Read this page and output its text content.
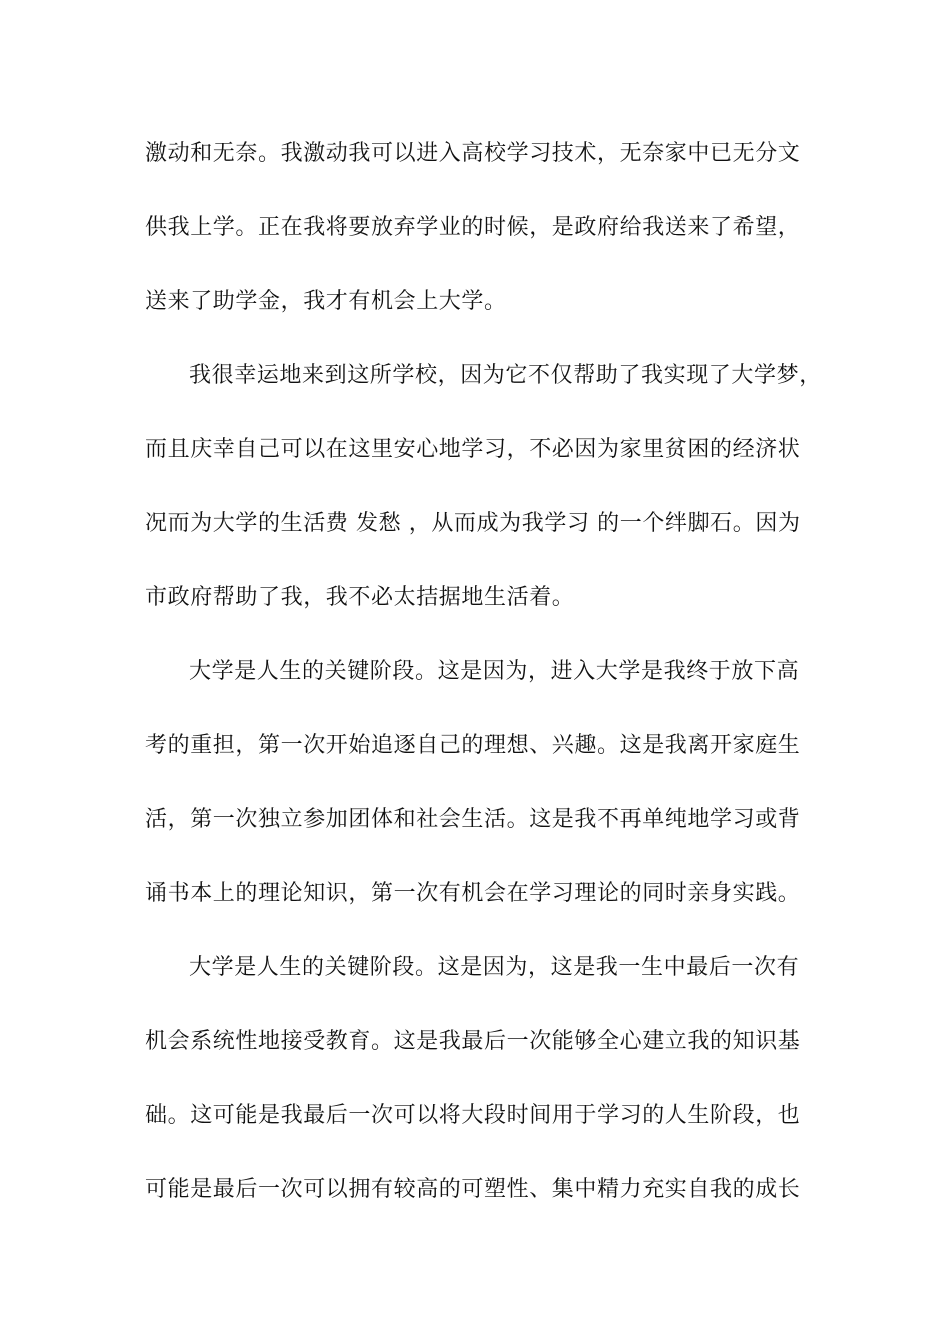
激动和无奈。我激动我可以进入高校学习技术，无奈家中已无分文
供我上学。正在我将要放弃学业的时候，是政府给我送来了希望，
送来了助学金，我才有机会上大学。
我很幸运地来到这所学校，因为它不仅帮助了我实现了大学梦，
而且庆幸自己可以在这里安心地学习，不必因为家里贫困的经济状
况而为大学的生活费 发愁 ，从而成为我学习 的一个绊脚石。因为
市政府帮助了我，我不必太拮据地生活着。
大学是人生的关键阶段。这是因为，进入大学是我终于放下高
考的重担，第一次开始追逐自己的理想、兴趣。这是我离开家庭生
活，第一次独立参加团体和社会生活。这是我不再单纯地学习或背
诵书本上的理论知识，第一次有机会在学习理论的同时亲身实践。
大学是人生的关键阶段。这是因为，这是我一生中最后一次有
机会系统性地接受教育。这是我最后一次能够全心建立我的知识基
础。这可能是我最后一次可以将大段时间用于学习的人生阶段，也
可能是最后一次可以拥有较高的可塑性、集中精力充实自我的成长
